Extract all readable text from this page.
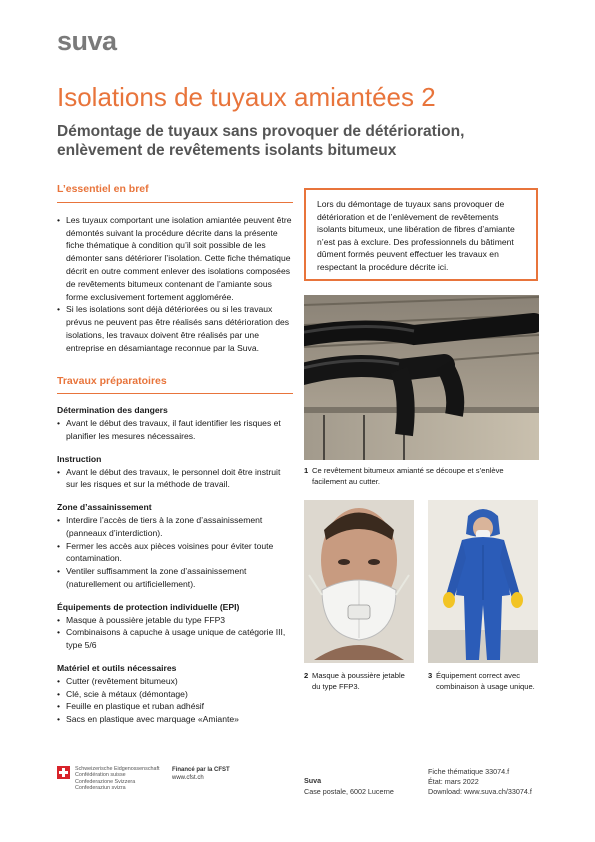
suva
Isolations de tuyaux amiantées 2
Démontage de tuyaux sans provoquer de détérioration, enlèvement de revêtements isolants bitumeux
L’essentiel en bref
• Les tuyaux comportant une isolation amiantée peuvent être démontés suivant la procédure décrite dans la présente fiche thématique à condition qu’il soit possible de les démonter sans détériorer l’isolation. Cette fiche thématique décrit en outre comment enlever des isolations composées de revêtements bitumeux contenant de l’amiante sous forme exclusivement fortement agglomérée.
• Si les isolations sont déjà détériorées ou si les travaux prévus ne peuvent pas être réalisés sans détérioration des isolations, les travaux doivent être réalisés par une entreprise en désamiantage reconnue par la Suva.
Travaux préparatoires
Détermination des dangers
• Avant le début des travaux, il faut identifier les risques et planifier les mesures nécessaires.
Instruction
• Avant le début des travaux, le personnel doit être instruit sur les risques et sur la méthode de travail.
Zone d’assainissement
• Interdire l’accès de tiers à la zone d’assainissement (panneaux d’interdiction).
• Fermer les accès aux pièces voisines pour éviter toute contamination.
• Ventiler suffisamment la zone d’assainissement (naturellement ou artificiellement).
Équipements de protection individuelle (EPI)
• Masque à poussière jetable du type FFP3
• Combinaisons à capuche à usage unique de catégorie III, type 5/6
Matériel et outils nécessaires
• Cutter (revêtement bitumeux)
• Clé, scie à métaux (démontage)
• Feuille en plastique et ruban adhésif
• Sacs en plastique avec marquage «Amiante»
Lors du démontage de tuyaux sans provoquer de détérioration et de l’enlèvement de revêtements isolants bitumeux, une libération de fibres d’amiante n’est pas à exclure. Des professionnels du bâtiment dûment formés peuvent effectuer les travaux en respectant la procédure décrite ici.
1 Ce revêtement bitumeux amianté se découpe et s’enlève facilement au cutter.
2 Masque à poussière jetable du type FFP3.
3 Équipement correct avec combinaison à usage unique.
Schweizerische Eidgenossenschaft
Confédération suisse
Confederazione Svizzera
Confederaziun svizra
Financé par la CFST
www.cfst.ch	Suva
Case postale, 6002 Lucerne
Fiche thématique 33074.f
État: mars 2022
Download: www.suva.ch/33074.f
